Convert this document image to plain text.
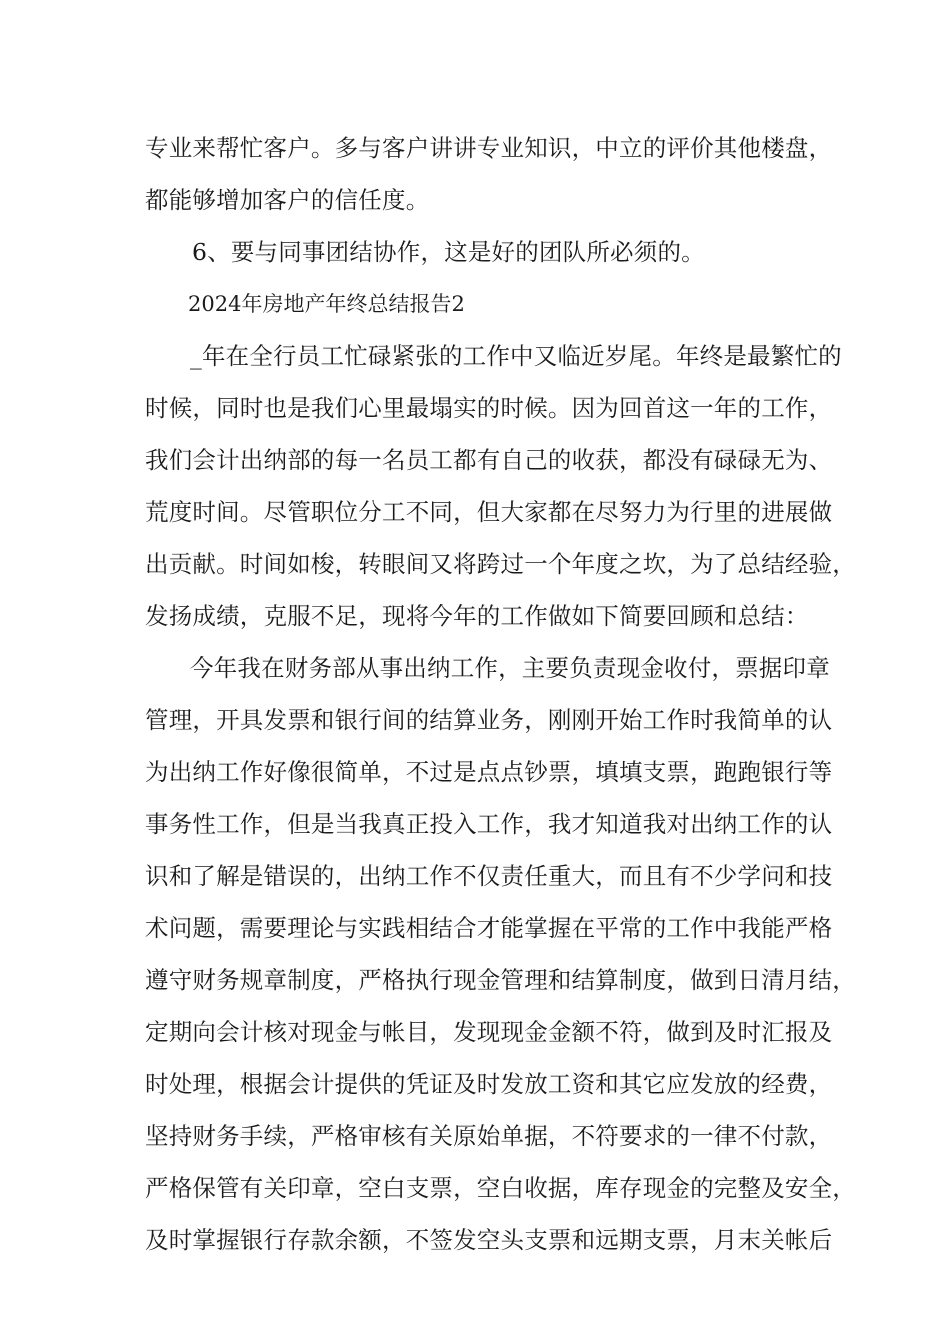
专业来帮忙客户。多与客户讲讲专业知识，中立的评价其他楼盘，
都能够增加客户的信任度。
6、要与同事团结协作，这是好的团队所必须的。
2024年房地产年终总结报告2
_年在全行员工忙碌紧张的工作中又临近岁尾。年终是最繁忙的
时候，同时也是我们心里最塌实的时候。因为回首这一年的工作，
我们会计出纳部的每一名员工都有自己的收获，都没有碌碌无为、
荒度时间。尽管职位分工不同，但大家都在尽努力为行里的进展做
出贡献。时间如梭，转眼间又将跨过一个年度之坎，为了总结经验，
发扬成绩，克服不足，现将今年的工作做如下简要回顾和总结：
今年我在财务部从事出纳工作，主要负责现金收付，票据印章
管理，开具发票和银行间的结算业务，刚刚开始工作时我简单的认
为出纳工作好像很简单，不过是点点钞票，填填支票，跑跑银行等
事务性工作，但是当我真正投入工作，我才知道我对出纳工作的认
识和了解是错误的，出纳工作不仅责任重大，而且有不少学问和技
术问题，需要理论与实践相结合才能掌握在平常的工作中我能严格
遵守财务规章制度，严格执行现金管理和结算制度，做到日清月结，
定期向会计核对现金与帐目，发现现金金额不符，做到及时汇报及
时处理，根据会计提供的凭证及时发放工资和其它应发放的经费，
坚持财务手续，严格审核有关原始单据，不符要求的一律不付款，
严格保管有关印章，空白支票，空白收据，库存现金的完整及安全，
及时掌握银行存款余额，不签发空头支票和远期支票，月末关帐后
